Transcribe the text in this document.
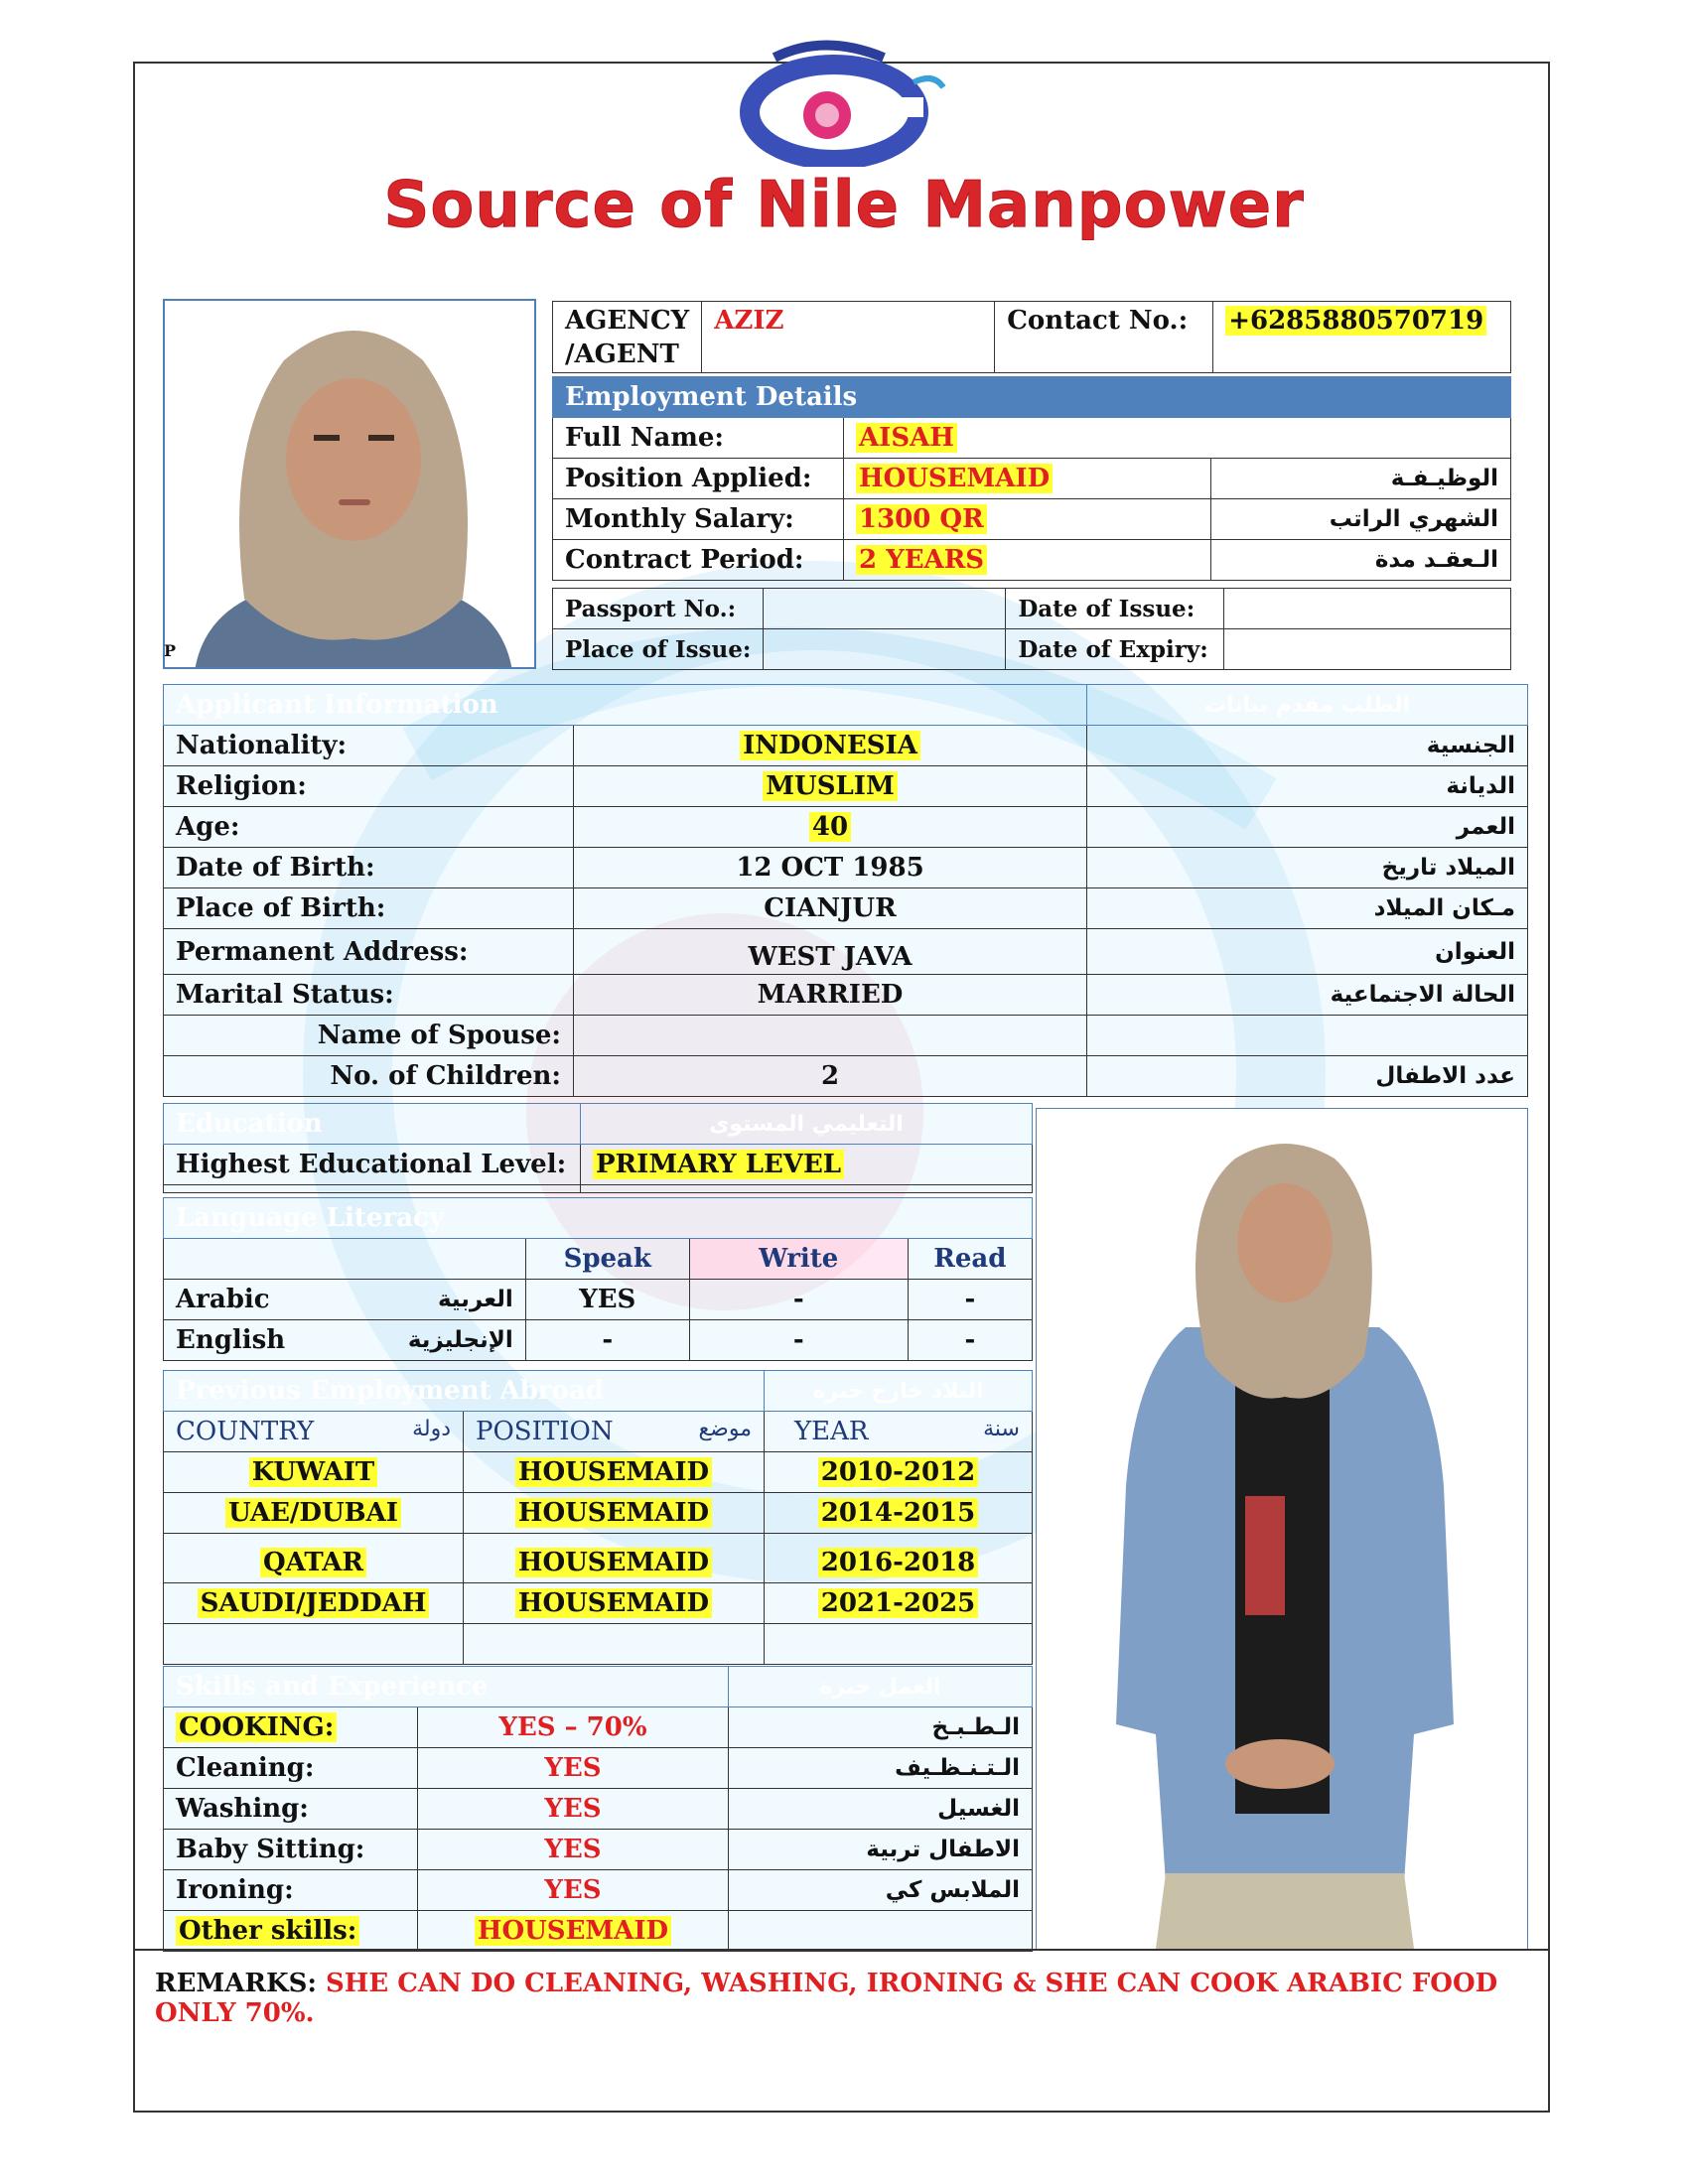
Source of Nile Manpower
P
AGENCY /AGENT	AZIZ	Contact No.:	+6285880570719
Employment Details		
Full Name:	AISAH	
Position Applied:	HOUSEMAID	الوظيـفـة
Monthly Salary:	1300 QR	الشهري الراتب
Contract Period:	2 YEARS	الـعقـد مدة
Passport No.:		Date of Issue:	
Place of Issue:		Date of Expiry:	
Applicant Information		الطلب مقدم بيانات
Nationality:	INDONESIA	الجنسية
Religion:	MUSLIM	الديانة
Age:	40	العمر
Date of Birth:	12 OCT 1985	الميلاد تاريخ
Place of Birth:	CIANJUR	مـكان الميلاد
Permanent Address:	WEST JAVA	العنوان
Marital Status:	MARRIED	الحالة الاجتماعية
Name of Spouse:		
No. of Children:	2	عدد الاطفال
Education	التعليمي المستوى
Highest Educational Level:	PRIMARY LEVEL

Language Literacy				
		Speak	Write	Read
Arabic	العربية	YES	-	-
English	الإنجليزية	-	-	-
Previous Employment Abroad		البلاد خارج خبرة
COUNTRY دولة	POSITION موضع	YEAR سنة

KUWAIT	HOUSEMAID	2010-2012
UAE/DUBAI	HOUSEMAID	2014-2015
QATAR	HOUSEMAID	2016-2018
SAUDI/JEDDAH	HOUSEMAID	2021-2025

Skills and Experience		العمل خبرة
COOKING:	YES – 70%	الـطـبـخ
Cleaning:	YES	الـتـنـظـيف
Washing:	YES	الغسيل
Baby Sitting:	YES	الاطفال تربية
Ironing:	YES	الملابس كي
Other skills:	HOUSEMAID	
REMARKS: SHE CAN DO CLEANING, WASHING, IRONING & SHE CAN COOK ARABIC FOOD ONLY 70%.
